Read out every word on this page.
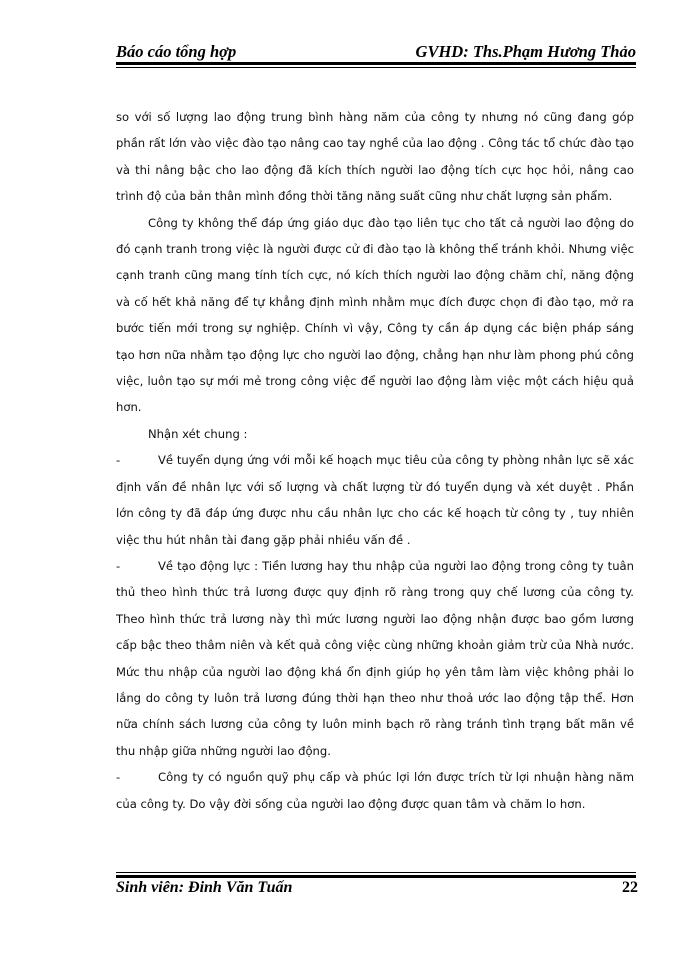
Báo cáo tổng hợp	GVHD: Ths.Phạm Hương Thảo

so với số lượng lao động trung bình hàng năm của công ty nhưng nó cũng đang góp phần rất lớn vào việc đào tạo nâng cao tay nghề của lao động . Công tác tổ chức đào tạo và thi nâng bậc cho lao động đã kích thích người lao động tích cực học hỏi, nâng cao trình độ của bản thân mình đồng thời tăng năng suất cũng như chất lượng sản phẩm.

Công ty không thể đáp ứng giáo dục đào tạo liên tục cho tất cả người lao động do đó cạnh tranh trong việc là người được cử đi đào tạo là không thể tránh khỏi. Nhưng việc cạnh tranh cũng mang tính tích cực, nó kích thích người lao động chăm chỉ, năng động và cố hết khả năng để tự khẳng định mình nhằm mục đích được chọn đi đào tạo, mở ra bước tiến mới trong sự nghiệp. Chính vì vậy, Công ty cần áp dụng các biện pháp sáng tạo hơn nữa nhằm tạo động lực cho người lao động, chẳng hạn như làm phong phú công việc, luôn tạo sự mới mẻ trong công việc để người lao động làm việc một cách hiệu quả hơn.

Nhận xét chung :

-	Về tuyển dụng ứng với mỗi kế hoạch mục tiêu của công ty phòng nhân lực sẽ xác định vấn đề nhân lực với số lượng và chất lượng từ đó tuyển dụng và xét duyệt . Phần lớn công ty đã đáp ứng được nhu cầu nhân lực cho các kế hoạch từ công ty , tuy nhiên việc thu hút nhân tài đang gặp phải nhiều vấn đề .

-	Về tạo động lực : Tiền lương hay thu nhập của người lao động trong công ty tuân thủ theo hình thức trả lương được quy định rõ ràng trong quy chế lương của công ty. Theo hình thức trả lương này thì mức lương người lao động nhận được bao gồm lương cấp bậc theo thâm niên và kết quả công việc cùng những khoản giảm trừ của Nhà nước. Mức thu nhập của người lao động khá ổn định giúp họ yên tâm làm việc không phải lo lắng do công ty luôn trả lương đúng thời hạn theo như thoả ước lao động tập thể. Hơn nữa chính sách lương của công ty luôn minh bạch rõ ràng tránh tình trạng bất mãn về thu nhập giữa những người lao động.

-	Công ty có nguồn quỹ phụ cấp và phúc lợi lớn được trích từ lợi nhuận hàng năm của công ty. Do vậy đời sống của người lao động được quan tâm và chăm lo hơn.

Sinh viên: Đinh Văn Tuấn	22
